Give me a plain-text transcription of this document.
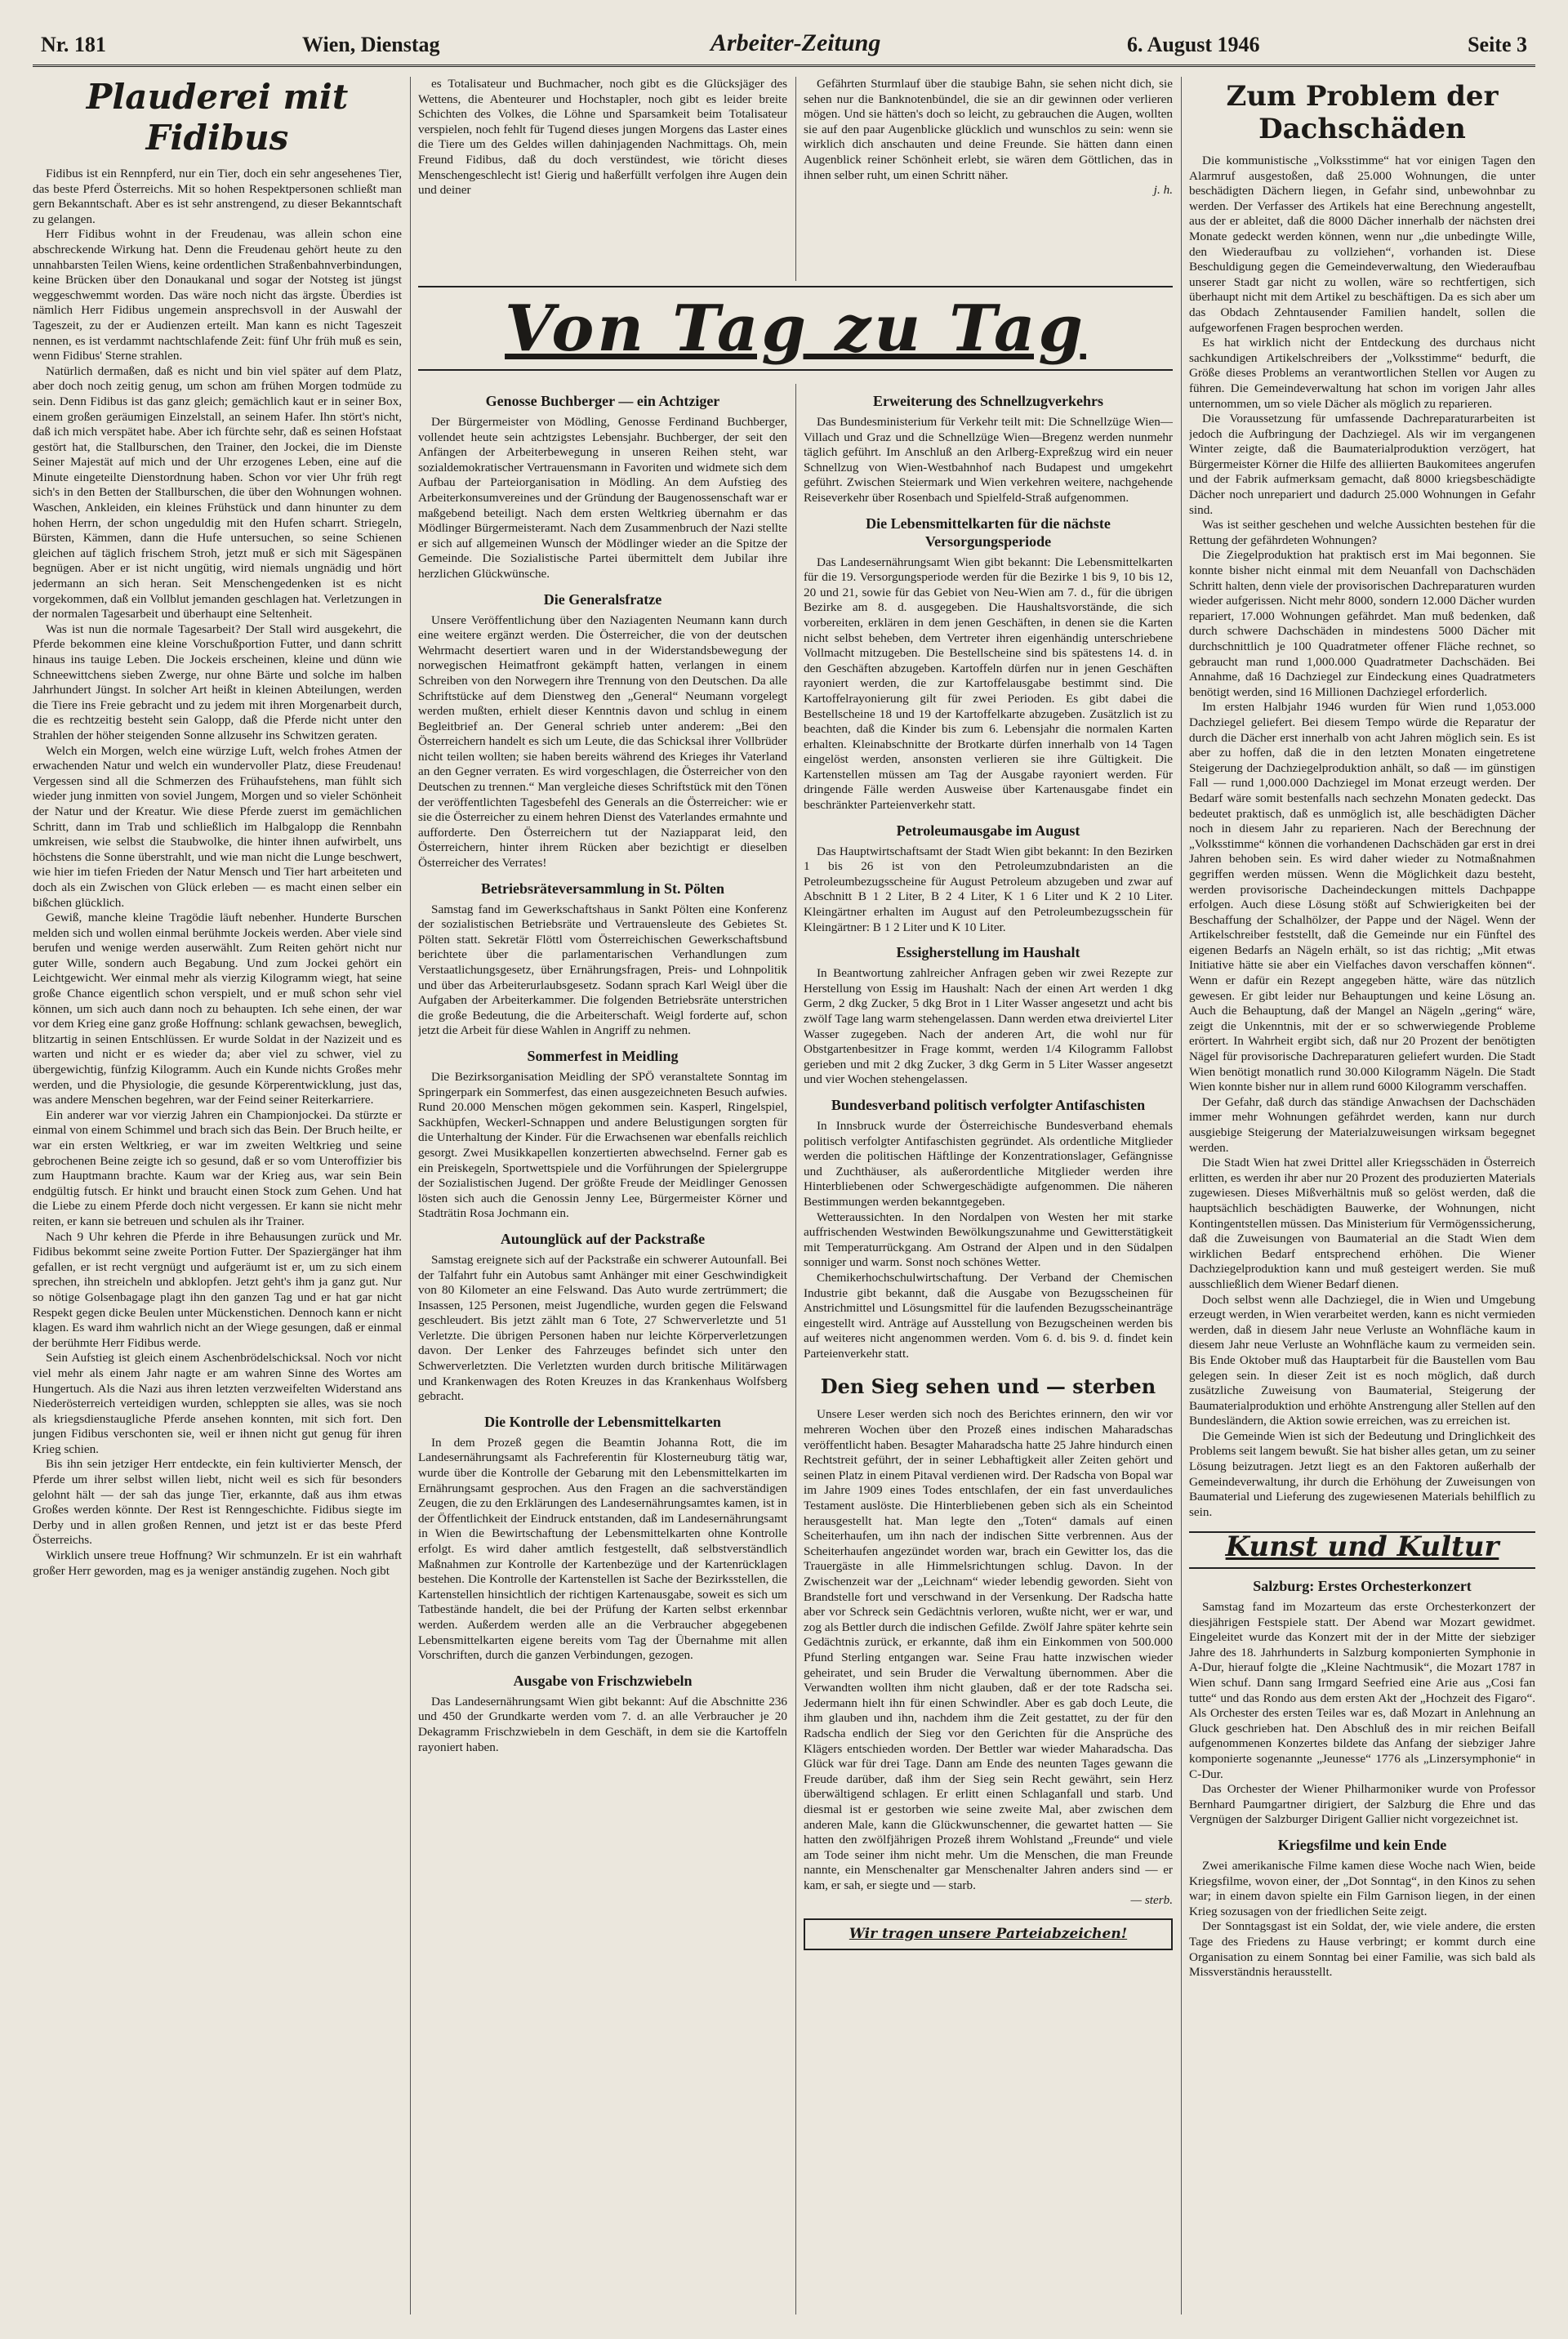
Nr. 181	Wien, Dienstag	Arbeiter-Zeitung	6. August 1946	Seite 3
Plauderei mit Fidibus

Fidibus ist ein Rennpferd, nur ein Tier, doch ein sehr angesehenes Tier, das beste Pferd Österreichs. Mit so hohen Respektpersonen schließt man gern Bekanntschaft. Aber es ist sehr anstrengend, zu dieser Bekanntschaft zu gelangen.

Herr Fidibus wohnt in der Freudenau, was allein schon eine abschreckende Wirkung hat. Denn die Freudenau gehört heute zu den unnahbarsten Teilen Wiens, keine ordentlichen Straßenbahnverbindungen, keine Brücken über den Donaukanal und sogar der Notsteg ist jüngst weggeschwemmt worden. Das wäre noch nicht das ärgste. Überdies ist nämlich Herr Fidibus ungemein ansprechsvoll in der Auswahl der Tageszeit, zu der er Audienzen erteilt. Man kann es nicht Tageszeit nennen, es ist verdammt nachtschlafende Zeit: fünf Uhr früh muß es sein, wenn Fidibus' Sterne strahlen.

Natürlich dermaßen, daß es nicht und bin viel später auf dem Platz, aber doch noch zeitig genug, um schon am frühen Morgen todmüde zu sein. Denn Fidibus ist das ganz gleich; gemächlich kaut er in seiner Box, einem großen geräumigen Einzelstall, an seinem Hafer. Ihn stört's nicht, daß ich mich verspätet habe. Aber ich fürchte sehr, daß es seinen Hofstaat gestört hat, die Stallburschen, den Trainer, den Jockei, die im Dienste Seiner Majestät auf mich und der Uhr erzogenes Leben, eine auf die Minute eingeteilte Dienstordnung haben. Schon vor vier Uhr früh regt sich's in den Betten der Stallburschen, die über den Wohnungen wohnen. Waschen, Ankleiden, ein kleines Frühstück und dann hinunter zu dem hohen Herrn, der schon ungeduldig mit den Hufen scharrt. Striegeln, Bürsten, Kämmen, dann die Hufe untersuchen, so seine Schienen gleichen auf täglich frischem Stroh, jetzt muß er sich mit Sägespänen begnügen. Aber er ist nicht ungütig, wird niemals ungnädig und hört jedermann an sich heran. Seit Menschengedenken ist es nicht vorgekommen, daß ein Vollblut jemanden geschlagen hat. Verletzungen in der normalen Tagesarbeit und überhaupt eine Seltenheit.

Was ist nun die normale Tagesarbeit? Der Stall wird ausgekehrt, die Pferde bekommen eine kleine Vorschußportion Futter, und dann schritt hinaus ins tauige Leben. Die Jockeis erscheinen, kleine und dünn wie Schneewittchens sieben Zwerge, nur ohne Bärte und solche im halben Jahrhundert Jüngst. In solcher Art heißt in kleinen Abteilungen, werden die Tiere ins Freie gebracht und zu jedem mit ihren Morgenarbeit durch, die es rechtzeitig besteht sein Galopp, daß die Pferde nicht unter den Strahlen der höher steigenden Sonne allzusehr ins Schwitzen geraten.

Welch ein Morgen, welch eine würzige Luft, welch frohes Atmen der erwachenden Natur und welch ein wundervoller Platz, diese Freudenau! Vergessen sind all die Schmerzen des Frühaufstehens, man fühlt sich wieder jung inmitten von soviel Jungem, Morgen und so vieler Schönheit der Natur und der Kreatur. Wie diese Pferde zuerst im gemächlichen Schritt, dann im Trab und schließlich im Halbgalopp die Rennbahn umkreisen, wie selbst die Staubwolke, die hinter ihnen aufwirbelt, uns höchstens die Sonne überstrahlt, und wie man nicht die Lunge beschwert, wie hier im tiefen Frieden der Natur Mensch und Tier hart arbeiteten und doch als ein Zwischen von Glück erleben — es macht einen selber ein bißchen glücklich.

Gewiß, manche kleine Tragödie läuft nebenher. Hunderte Burschen melden sich und wollen einmal berühmte Jockeis werden. Aber viele sind berufen und wenige werden auserwählt. Zum Reiten gehört nicht nur guter Wille, sondern auch Begabung. Und zum Jockei gehört ein Leichtgewicht. Wer einmal mehr als vierzig Kilogramm wiegt, hat seine große Chance eigentlich schon verspielt, und er muß schon sehr viel können, um sich auch dann noch zu behaupten. Ich sehe einen, der war vor dem Krieg eine ganz große Hoffnung: schlank gewachsen, beweglich, blitzartig in seinen Entschlüssen. Er wurde Soldat in der Nazizeit und es warten und nicht er es wieder da; aber viel zu schwer, viel zu übergewichtig, fünfzig Kilogramm. Auch ein Kunde nichts Großes mehr werden, und die Physiologie, die gesunde Körperentwicklung, just das, was andere Menschen begehren, war der Feind seiner Reiterkarriere.

Ein anderer war vor vierzig Jahren ein Championjockei. Da stürzte er einmal von einem Schimmel und brach sich das Bein. Der Bruch heilte, er war ein ersten Weltkrieg, er war im zweiten Weltkrieg und seine gebrochenen Beine zeigte ich so gesund, daß er so vom Unteroffizier bis zum Hauptmann brachte. Kaum war der Krieg aus, war sein Bein endgültig futsch. Er hinkt und braucht einen Stock zum Gehen. Und hat die Liebe zu einem Pferde doch nicht vergessen. Er kann sie nicht mehr reiten, er kann sie betreuen und schulen als ihr Trainer.

Nach 9 Uhr kehren die Pferde in ihre Behausungen zurück und Mr. Fidibus bekommt seine zweite Portion Futter. Der Spaziergänger hat ihm gefallen, er ist recht vergnügt und aufgeräumt ist er, um zu sich einem sprechen, ihn streicheln und abklopfen. Jetzt geht's ihm ja ganz gut. Nur so nötige Golsenbagage plagt ihn den ganzen Tag und er hat gar nicht Respekt gegen dicke Beulen unter Mückenstichen. Dennoch kann er nicht klagen. Es ward ihm wahrlich nicht an der Wiege gesungen, daß er einmal der berühmte Herr Fidibus werde.

Sein Aufstieg ist gleich einem Aschenbrödelschicksal. Noch vor nicht viel mehr als einem Jahr nagte er am wahren Sinne des Wortes am Hungertuch. Als die Nazi aus ihren letzten verzweifelten Widerstand ans Niederösterreich verteidigen wurden, schleppten sie alles, was sie noch als kriegsdienstaugliche Pferde ansehen konnten, mit sich fort. Den jungen Fidibus verschonten sie, weil er ihnen nicht gut genug für ihren Krieg schien.

Bis ihn sein jetziger Herr entdeckte, ein fein kultivierter Mensch, der Pferde um ihrer selbst willen liebt, nicht weil es sich für besonders gelohnt hält — der sah das junge Tier, erkannte, daß aus ihm etwas Großes werden könnte. Der Rest ist Renngeschichte. Fidibus siegte im Derby und in allen großen Rennen, und jetzt ist er das beste Pferd Österreichs.

Wirklich unsere treue Hoffnung? Wir schmunzeln. Er ist ein wahrhaft großer Herr geworden, mag es ja weniger anständig zugehen. Noch gibt

es Totalisateur und Buchmacher, noch gibt es die Glücksjäger des Wettens, die Abenteurer und Hochstapler, noch gibt es leider breite Schichten des Volkes, die Löhne und Sparsamkeit beim Totalisateur verspielen, noch fehlt für Tugend dieses jungen Morgens das Laster eines die Tiere um des Geldes willen dahinjagenden Nachmittags. Oh, mein Freund Fidibus, daß du doch verstündest, wie töricht dieses Menschengeschlecht ist! Gierig und haßerfüllt verfolgen ihre Augen dein und deiner

Gefährten Sturmlauf über die staubige Bahn, sie sehen nicht dich, sie sehen nur die Banknotenbündel, die sie an dir gewinnen oder verlieren mögen. Und sie hätten's doch so leicht, zu gebrauchen die Augen, wollten sie auf den paar Augenblicke glücklich und wunschlos zu sein: wenn sie wirklich dich anschauten und deine Freunde. Sie hätten dann einen Augenblick reiner Schönheit erlebt, sie wären dem Göttlichen, das in ihnen selber ruht, um einen Schritt näher.

j. h.

Von Tag zu Tag
Genosse Buchberger — ein Achtziger

Der Bürgermeister von Mödling, Genosse Ferdinand Buchberger, vollendet heute sein achtzigstes Lebensjahr. Buchberger, der seit den Anfängen der Arbeiterbewegung in unseren Reihen steht, war sozialdemokratischer Vertrauensmann in Favoriten und widmete sich dem Aufbau der Parteiorganisation in Mödling. An dem Aufstieg des Arbeiterkonsumvereines und der Gründung der Baugenossenschaft war er maßgebend beteiligt. Nach dem ersten Weltkrieg übernahm er das Mödlinger Bürgermeisteramt. Nach dem Zusammenbruch der Nazi stellte er sich auf allgemeinen Wunsch der Mödlinger wieder an die Spitze der Gemeinde. Die Sozialistische Partei übermittelt dem Jubilar ihre herzlichen Glückwünsche.

Die Generalsfratze

Unsere Veröffentlichung über den Naziagenten Neumann kann durch eine weitere ergänzt werden. Die Österreicher, die von der deutschen Wehrmacht desertiert waren und in der Widerstandsbewegung der norwegischen Heimatfront gekämpft hatten, verlangen in einem Schreiben von den Norwegern ihre Trennung von den Deutschen. Da alle Schriftstücke auf dem Dienstweg den „General“ Neumann vorgelegt werden mußten, erhielt dieser Kenntnis davon und schlug in einem Begleitbrief an. Der General schrieb unter anderem: „Bei den Österreichern handelt es sich um Leute, die das Schicksal ihrer Vollbrüder nicht teilen wollten; sie haben bereits während des Krieges ihr Vaterland an den Gegner verraten. Es wird vorgeschlagen, die Österreicher von den Deutschen zu trennen.“ Man vergleiche dieses Schriftstück mit den Tönen der veröffentlichten Tagesbefehl des Generals an die Österreicher: wie er sie die Österreicher zu einem hehren Dienst des Vaterlandes ermahnte und aufforderte. Den Österreichern tut der Naziapparat leid, den Österreichern, hinter ihrem Rücken aber bezichtigt er dieselben Österreicher des Verrates!

Betriebsräteversammlung in St. Pölten

Samstag fand im Gewerkschaftshaus in Sankt Pölten eine Konferenz der sozialistischen Betriebsräte und Vertrauensleute des Gebietes St. Pölten statt. Sekretär Flöttl vom Österreichischen Gewerkschaftsbund berichtete über die parlamentarischen Verhandlungen zum Verstaatlichungsgesetz, über Ernährungsfragen, Preis- und Lohnpolitik und über das Arbeiterurlaubsgesetz. Sodann sprach Karl Weigl über die Aufgaben der Arbeiterkammer. Die folgenden Betriebsräte unterstrichen die große Bedeutung, die die Arbeiterschaft. Weigl forderte auf, schon jetzt die Arbeit für diese Wahlen in Angriff zu nehmen.

Sommerfest in Meidling

Die Bezirksorganisation Meidling der SPÖ veranstaltete Sonntag im Springerpark ein Sommerfest, das einen ausgezeichneten Besuch aufwies. Rund 20.000 Menschen mögen gekommen sein. Kasperl, Ringelspiel, Sackhüpfen, Weckerl-Schnappen und andere Belustigungen sorgten für die Unterhaltung der Kinder. Für die Erwachsenen war ebenfalls reichlich gesorgt. Zwei Musikkapellen konzertierten abwechselnd. Ferner gab es ein Preiskegeln, Sportwettspiele und die Vorführungen der Spielergruppe der Sozialistischen Jugend. Der größte Freude der Meidlinger Genossen lösten sich auch die Genossin Jenny Lee, Bürgermeister Körner und Stadträtin Rosa Jochmann ein.

Autounglück auf der Packstraße

Samstag ereignete sich auf der Packstraße ein schwerer Autounfall. Bei der Talfahrt fuhr ein Autobus samt Anhänger mit einer Geschwindigkeit von 80 Kilometer an eine Felswand. Das Auto wurde zertrümmert; die Insassen, 125 Personen, meist Jugendliche, wurden gegen die Felswand geschleudert. Bis jetzt zählt man 6 Tote, 27 Schwerverletzte und 51 Verletzte. Die übrigen Personen haben nur leichte Körperverletzungen davon. Der Lenker des Fahrzeuges befindet sich unter den Schwerverletzten. Die Verletzten wurden durch britische Militärwagen und Krankenwagen des Roten Kreuzes in das Krankenhaus Wolfsberg gebracht.

Die Kontrolle der Lebensmittelkarten

In dem Prozeß gegen die Beamtin Johanna Rott, die im Landesernährungsamt als Fachreferentin für Klosterneuburg tätig war, wurde über die Kontrolle der Gebarung mit den Lebensmittelkarten im Ernährungsamt gesprochen. Aus den Fragen an die sachverständigen Zeugen, die zu den Erklärungen des Landesernährungsamtes kamen, ist in der Öffentlichkeit der Eindruck entstanden, daß im Landesernährungsamt in Wien die Bewirtschaftung der Lebensmittelkarten ohne Kontrolle erfolgt. Es wird daher amtlich festgestellt, daß selbstverständlich Maßnahmen zur Kontrolle der Kartenbezüge und der Kartenrücklagen bestehen. Die Kontrolle der Kartenstellen ist Sache der Bezirksstellen, die Kartenstellen hinsichtlich der richtigen Kartenausgabe, soweit es sich um Tatbestände handelt, die bei der Prüfung der Karten selbst erkennbar werden. Außerdem werden alle an die Verbraucher abgegebenen Lebensmittelkarten eigene bereits vom Tag der Übernahme mit allen Vorschriften, durch die ganzen Verbindungen, gezogen.

Ausgabe von Frischzwiebeln

Das Landesernährungsamt Wien gibt bekannt: Auf die Abschnitte 236 und 450 der Grundkarte werden vom 7. d. an alle Verbraucher je 20 Dekagramm Frischzwiebeln in dem Geschäft, in dem sie die Kartoffeln rayoniert haben.

Erweiterung des Schnellzugverkehrs

Das Bundesministerium für Verkehr teilt mit: Die Schnellzüge Wien—Villach und Graz und die Schnellzüge Wien—Bregenz werden nunmehr täglich geführt. Im Anschluß an den Arlberg-Expreßzug wird ein neuer Schnellzug von Wien-Westbahnhof nach Budapest und umgekehrt geführt. Zwischen Steiermark und Wien verkehren weitere, nachgehende Reiseverkehr über Rosenbach und Spielfeld-Straß aufgenommen.

Die Lebensmittelkarten für die nächste Versorgungsperiode

Das Landesernährungsamt Wien gibt bekannt: Die Lebensmittelkarten für die 19. Versorgungsperiode werden für die Bezirke 1 bis 9, 10 bis 12, 20 und 21, sowie für das Gebiet von Neu-Wien am 7. d., für die übrigen Bezirke am 8. d. ausgegeben. Die Haushaltsvorstände, die sich vorbereiten, erklären in dem jenen Geschäften, in denen sie die Karten nicht selbst beheben, dem Vertreter ihren eigenhändig unterschriebene Vollmacht mitzugeben. Die Bestellscheine sind bis spätestens 14. d. in den Geschäften abzugeben. Kartoffeln dürfen nur in jenen Geschäften rayoniert werden, die zur Kartoffelausgabe bestimmt sind. Die Kartoffelrayonierung gilt für zwei Perioden. Es gibt dabei die Bestellscheine 18 und 19 der Kartoffelkarte abzugeben. Zusätzlich ist zu beachten, daß die Kinder bis zum 6. Lebensjahr die normalen Karten erhalten. Kleinabschnitte der Brotkarte dürfen innerhalb von 14 Tagen eingelöst werden, ansonsten verlieren sie ihre Gültigkeit. Die Kartenstellen müssen am Tag der Ausgabe rayoniert werden. Für dringende Fälle werden Ausweise über Kartenausgabe findet ein beschränkter Parteienverkehr statt.

Petroleumausgabe im August

Das Hauptwirtschaftsamt der Stadt Wien gibt bekannt: In den Bezirken 1 bis 26 ist von den Petroleumzubndaristen an die Petroleumbezugsscheine für August Petroleum abzugeben und zwar auf Abschnitt B 1 2 Liter, B 2 4 Liter, K 1 6 Liter und K 2 10 Liter. Kleingärtner erhalten im August auf den Petroleumbezugsschein für Kleingärtner: B 1 2 Liter und K 10 Liter.

Essigherstellung im Haushalt

In Beantwortung zahlreicher Anfragen geben wir zwei Rezepte zur Herstellung von Essig im Haushalt: Nach der einen Art werden 1 dkg Germ, 2 dkg Zucker, 5 dkg Brot in 1 Liter Wasser angesetzt und acht bis zwölf Tage lang warm stehengelassen. Dann werden etwa dreiviertel Liter Wasser zugegeben. Nach der anderen Art, die wohl nur für Obstgartenbesitzer in Frage kommt, werden 1/4 Kilogramm Fallobst gerieben und mit 2 dkg Zucker, 3 dkg Germ in 5 Liter Wasser angesetzt und vier Wochen stehengelassen.

Bundesverband politisch verfolgter Antifaschisten

In Innsbruck wurde der Österreichische Bundesverband ehemals politisch verfolgter Antifaschisten gegründet. Als ordentliche Mitglieder werden die politischen Häftlinge der Konzentrationslager, Gefängnisse und Zuchthäuser, als außerordentliche Mitglieder werden ihre Hinterbliebenen oder Schwergeschädigte aufgenommen. Die näheren Bestimmungen werden bekanntgegeben.

Wetteraussichten. In den Nordalpen von Westen her mit starke auffrischenden Westwinden Bewölkungszunahme und Gewitterstätigkeit mit Temperaturrückgang. Am Ostrand der Alpen und in den Südalpen sonniger und warm. Sonst noch schönes Wetter.

Chemikerhochschulwirtschaftung. Der Verband der Chemischen Industrie gibt bekannt, daß die Ausgabe von Bezugsscheinen für Anstrichmittel und Lösungsmittel für die laufenden Bezugsscheinanträge eingestellt wird. Anträge auf Ausstellung von Bezugscheinen werden bis auf weiteres nicht angenommen werden. Vom 6. d. bis 9. d. findet kein Parteienverkehr statt.

Den Sieg sehen und — sterben

Unsere Leser werden sich noch des Berichtes erinnern, den wir vor mehreren Wochen über den Prozeß eines indischen Maharadschas veröffentlicht haben. Besagter Maharadscha hatte 25 Jahre hindurch einen Rechtstreit geführt, der in seiner Lebhaftigkeit aller Zeiten gehört und seinen Platz in einem Pitaval verdienen wird. Der Radscha von Bopal war im Jahre 1909 eines Todes entschlafen, der ein fast unverdauliches Testament auslöste. Die Hinterbliebenen geben sich als ein Scheintod herausgestellt hat. Man legte den „Toten“ damals auf einen Scheiterhaufen, um ihn nach der indischen Sitte verbrennen. Aus der Scheiterhaufen angezündet worden war, brach ein Gewitter los, das die Trauergäste in alle Himmelsrichtungen schlug. Davon. In der Zwischenzeit war der „Leichnam“ wieder lebendig geworden. Sieht von Brandstelle fort und verschwand in der Versenkung. Der Radscha hatte aber vor Schreck sein Gedächtnis verloren, wußte nicht, wer er war, und zog als Bettler durch die indischen Gefilde. Zwölf Jahre später kehrte sein Gedächtnis zurück, er erkannte, daß ihm ein Einkommen von 500.000 Pfund Sterling entgangen war. Seine Frau hatte inzwischen wieder geheiratet, und sein Bruder die Verwaltung übernommen. Aber die Verwandten wollten ihm nicht glauben, daß er der tote Radscha sei. Jedermann hielt ihn für einen Schwindler. Aber es gab doch Leute, die ihm glauben und ihn, nachdem ihm die Zeit gestattet, zu der für den Radscha endlich der Sieg vor den Gerichten für die Ansprüche des Klägers entschieden worden. Der Bettler war wieder Maharadscha. Das Glück war für drei Tage. Dann am Ende des neunten Tages gewann die Freude darüber, daß ihm der Sieg sein Recht gewährt, sein Herz überwältigend schlagen. Er erlitt einen Schlaganfall und starb. Und diesmal ist er gestorben wie seine zweite Mal, aber zwischen dem anderen Male, kann die Glückwunschenner, die gewartet hatten — Sie hatten den zwölfjährigen Prozeß ihrem Wohlstand „Freunde“ und viele am Tode seiner ihm nicht mehr. Um die Menschen, die man Freunde nannte, ein Menschenalter gar Menschenalter Jahren anders sind — er kam, er sah, er siegte und — starb.

— sterb.

Wir tragen unsere Parteiabzeichen!
Zum Problem der Dachschäden

Die kommunistische „Volksstimme“ hat vor einigen Tagen den Alarmruf ausgestoßen, daß 25.000 Wohnungen, die unter beschädigten Dächern liegen, in Gefahr sind, unbewohnbar zu werden. Der Verfasser des Artikels hat eine Berechnung angestellt, aus der er ableitet, daß die 8000 Dächer innerhalb der nächsten drei Monate gedeckt werden können, wenn nur „die unbedingte Wille, den Wiederaufbau zu vollziehen“, vorhanden ist. Diese Beschuldigung gegen die Gemeindeverwaltung, den Wiederaufbau unserer Stadt gar nicht zu wollen, wäre so rechtfertigen, sich überhaupt nicht mit dem Artikel zu beschäftigen. Da es sich aber um das Obdach Zehntausender Familien handelt, sollen die aufgeworfenen Fragen besprochen werden.

Es hat wirklich nicht der Entdeckung des durchaus nicht sachkundigen Artikelschreibers der „Volksstimme“ bedurft, die Größe dieses Problems an verantwortlichen Stellen vor Augen zu führen. Die Gemeindeverwaltung hat schon im vorigen Jahr alles unternommen, um so viele Dächer als möglich zu reparieren.

Die Voraussetzung für umfassende Dachreparaturarbeiten ist jedoch die Aufbringung der Dachziegel. Als wir im vergangenen Winter zeigte, daß die Baumaterialproduktion verzögert, hat Bürgermeister Körner die Hilfe des alliierten Baukomitees angerufen und der Fabrik aufmerksam gemacht, daß 8000 kriegsbeschädigte Dächer noch unrepariert und dadurch 25.000 Wohnungen in Gefahr sind.

Was ist seither geschehen und welche Aussichten bestehen für die Rettung der gefährdeten Wohnungen?

Die Ziegelproduktion hat praktisch erst im Mai begonnen. Sie konnte bisher nicht einmal mit dem Neuanfall von Dachschäden Schritt halten, denn viele der provisorischen Dachreparaturen wurden wieder aufgerissen. Nicht mehr 8000, sondern 12.000 Dächer wurden repariert, 17.000 Wohnungen gefährdet. Man muß bedenken, daß durch schwere Dachschäden in mindestens 5000 Dächer mit durchschnittlich je 100 Quadratmeter offener Fläche rechnet, so gebraucht man rund 1,000.000 Quadratmeter Dachschäden. Bei Annahme, daß 16 Dachziegel zur Eindeckung eines Quadratmeters benötigt werden, sind 16 Millionen Dachziegel erforderlich.

Im ersten Halbjahr 1946 wurden für Wien rund 1,053.000 Dachziegel geliefert. Bei diesem Tempo würde die Reparatur der durch die Dächer erst innerhalb von acht Jahren möglich sein. Es ist aber zu hoffen, daß die in den letzten Monaten eingetretene Steigerung der Dachziegelproduktion anhält, so daß — im günstigen Fall — rund 1,000.000 Dachziegel im Monat erzeugt werden. Der Bedarf wäre somit bestenfalls nach sechzehn Monaten gedeckt. Das bedeutet praktisch, daß es unmöglich ist, alle beschädigten Dächer noch in diesem Jahr zu reparieren. Nach der Berechnung der „Volksstimme“ können die vorhandenen Dachschäden gar erst in drei Jahren behoben sein. Es wird daher wieder zu Notmaßnahmen gegriffen werden müssen. Wenn die Möglichkeit dazu besteht, werden provisorische Dacheindeckungen mittels Dachpappe erfolgen. Auch diese Lösung stößt auf Schwierigkeiten bei der Beschaffung der Schalhölzer, der Pappe und der Nägel. Wenn der Artikelschreiber feststellt, daß die Gemeinde nur ein Fünftel des eigenen Bedarfs an Nägeln erhält, so ist das richtig; „Mit etwas Initiative hätte sie aber ein Vielfaches davon verschaffen können“. Wenn er dafür ein Rezept angegeben hätte, wäre das nützlich gewesen. Er gibt leider nur Behauptungen und keine Lösung an. Auch die Behauptung, daß der Mangel an Nägeln „gering“ wäre, zeigt die Unkenntnis, mit der er so schwerwiegende Probleme erörtert. In Wahrheit ergibt sich, daß nur 20 Prozent der benötigten Nägel für provisorische Dachreparaturen geliefert wurden. Die Stadt Wien benötigt monatlich rund 30.000 Kilogramm Nägeln. Die Stadt Wien konnte bisher nur in allem rund 6000 Kilogramm verschaffen.

Der Gefahr, daß durch das ständige Anwachsen der Dachschäden immer mehr Wohnungen gefährdet werden, kann nur durch ausgiebige Steigerung der Materialzuweisungen wirksam begegnet werden.

Die Stadt Wien hat zwei Drittel aller Kriegsschäden in Österreich erlitten, es werden ihr aber nur 20 Prozent des produzierten Materials zugewiesen. Dieses Mißverhältnis muß so gelöst werden, daß die hauptsächlich beschädigten Bauwerke, der Wohnungen, nicht Kontingentstellen müssen. Das Ministerium für Vermögenssicherung, daß die Zuweisungen von Baumaterial an die Stadt Wien dem wirklichen Bedarf entsprechend erhöhen. Die Wiener Dachziegelproduktion kann und muß gesteigert werden. Sie muß ausschließlich dem Wiener Bedarf dienen.

Doch selbst wenn alle Dachziegel, die in Wien und Umgebung erzeugt werden, in Wien verarbeitet werden, kann es nicht vermieden werden, daß in diesem Jahr neue Verluste an Wohnfläche kaum in diesem Jahr neue Verluste an Wohnfläche kaum zu vermeiden sein. Bis Ende Oktober muß das Hauptarbeit für die Baustellen vom Bau gelegen sein. In dieser Zeit ist es noch möglich, daß durch zusätzliche Zuweisung von Baumaterial, Steigerung der Baumaterialproduktion und erhöhte Anstrengung aller Stellen auf den Bundesländern, die Aktion sowie erreichen, was zu erreichen ist.

Die Gemeinde Wien ist sich der Bedeutung und Dringlichkeit des Problems seit langem bewußt. Sie hat bisher alles getan, um zu seiner Lösung beizutragen. Jetzt liegt es an den Faktoren außerhalb der Gemeindeverwaltung, ihr durch die Erhöhung der Zuweisungen von Baumaterial und Lieferung des zugewiesenen Materials behilflich zu sein.

Kunst und Kultur
Salzburg: Erstes Orchesterkonzert

Samstag fand im Mozarteum das erste Orchesterkonzert der diesjährigen Festspiele statt. Der Abend war Mozart gewidmet. Eingeleitet wurde das Konzert mit der in der Mitte der siebziger Jahre des 18. Jahrhunderts in Salzburg komponierten Symphonie in A-Dur, hierauf folgte die „Kleine Nachtmusik“, die Mozart 1787 in Wien schuf. Dann sang Irmgard Seefried eine Arie aus „Cosi fan tutte“ und das Rondo aus dem ersten Akt der „Hochzeit des Figaro“. Als Orchester des ersten Teiles war es, daß Mozart in Anlehnung an Gluck geschrieben hat. Den Abschluß des in mir reichen Beifall aufgenommenen Konzertes bildete das Anfang der siebziger Jahre komponierte sogenannte „Jeunesse“ 1776 als „Linzersymphonie“ in C-Dur.

Das Orchester der Wiener Philharmoniker wurde von Professor Bernhard Paumgartner dirigiert, der Salzburg die Ehre und das Vergnügen der Salzburger Dirigent Gallier nicht vorgezeichnet ist.

Kriegsfilme und kein Ende

Zwei amerikanische Filme kamen diese Woche nach Wien, beide Kriegsfilme, wovon einer, der „Dot Sonntag“, in den Kinos zu sehen war; in einem davon spielte ein Film Garnison liegen, in der einen Krieg sozusagen von der friedlichen Seite zeigt.

Der Sonntagsgast ist ein Soldat, der, wie viele andere, die ersten Tage des Friedens zu Hause verbringt; er kommt durch eine Organisation zu einem Sonntag bei einer Familie, was sich bald als Missverständnis herausstellt.
